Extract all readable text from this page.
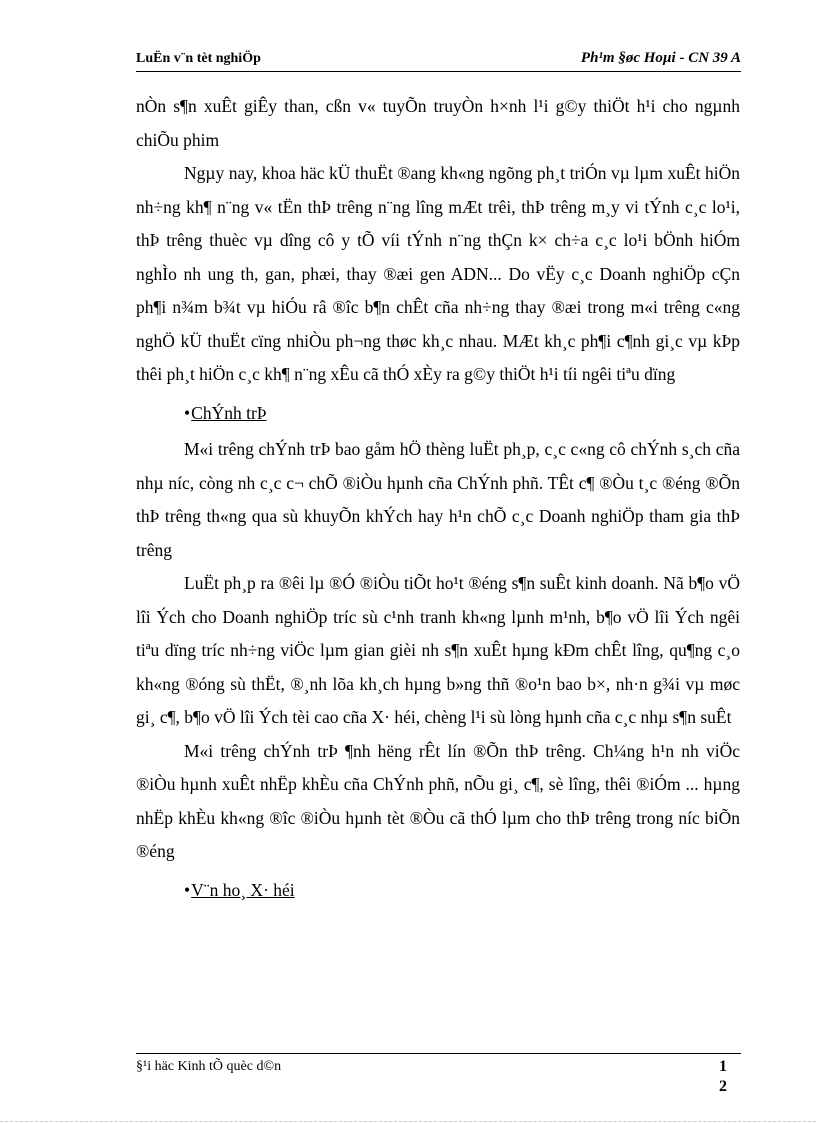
LuËn v¨n tèt nghiÖp	Ph¹m §øc Hoµi - CN 39 A

nÒn s¶n xuÊt giÊy than, cßn v« tuyÕn truyÒn h×nh l¹i g©y thiÖt h¹i cho ngµnh chiÕu phim

Ngµy nay, khoa häc kÜ thuËt ®ang kh«ng ngõng ph¸t triÓn vµ lµm xuÊt hiÖn nh÷ng kh¶ n¨ng v« tËn thÞ trêng n¨ng lîng mÆt trêi, thÞ trêng m¸y vi tÝnh c¸c lo¹i, thÞ trêng thuèc vµ dîng cô y tÕ víi tÝnh n¨ng thÇn k× ch÷a c¸c lo¹i bÖnh hiÓm nghÌo nh ung th, gan, phæi, thay ®æi gen ADN... Do vËy c¸c Doanh nghiÖp cÇn ph¶i n¾m b¾t vµ hiÓu râ ®îc b¶n chÊt cña nh÷ng thay ®æi trong m«i trêng c«ng nghÖ kÜ thuËt cïng nhiÒu ph¬ng thøc kh¸c nhau. MÆt kh¸c ph¶i c¶nh gi¸c vµ kÞp thêi ph¸t hiÖn c¸c kh¶ n¨ng xÊu cã thÓ xÈy ra g©y thiÖt h¹i tíi ngêi tiªu dïng

•ChÝnh trÞ

M«i trêng chÝnh trÞ bao gåm hÖ thèng luËt ph¸p, c¸c c«ng cô chÝnh s¸ch cña nhµ níc, còng nh c¸c c¬ chÕ ®iÒu hµnh cña ChÝnh phñ. TÊt c¶ ®Òu t¸c ®éng ®Õn thÞ trêng th«ng qua sù khuyÕn khÝch hay h¹n chÕ c¸c Doanh nghiÖp tham gia thÞ trêng

LuËt ph¸p ra ®êi lµ ®Ó ®iÒu tiÕt ho¹t ®éng s¶n suÊt kinh doanh. Nã b¶o vÖ lîi Ých cho Doanh nghiÖp tríc sù c¹nh tranh kh«ng lµnh m¹nh, b¶o vÖ lîi Ých ngêi tiªu dïng tríc nh÷ng viÖc lµm gian gièi nh s¶n xuÊt hµng kÐm chÊt lîng, qu¶ng c¸o kh«ng ®óng sù thËt, ®¸nh lõa kh¸ch hµng b»ng thñ ®o¹n bao b×, nh·n g¾i vµ møc gi¸ c¶, b¶o vÖ lîi Ých tèi cao cña X· héi, chèng l¹i sù lòng hµnh cña c¸c nhµ s¶n suÊt

M«i trêng chÝnh trÞ ¶nh hëng rÊt lín ®Õn thÞ trêng. Ch¼ng h¹n nh viÖc ®iÒu hµnh xuÊt nhËp khÈu cña ChÝnh phñ, nÕu gi¸ c¶, sè lîng, thêi ®iÓm ... hµng nhËp khÈu kh«ng ®îc ®iÒu hµnh tèt ®Òu cã thÓ lµm cho thÞ trêng trong níc biÕn ®éng

•V¨n ho¸ X· héi

§¹i häc Kinh tÕ quèc d©n	12
